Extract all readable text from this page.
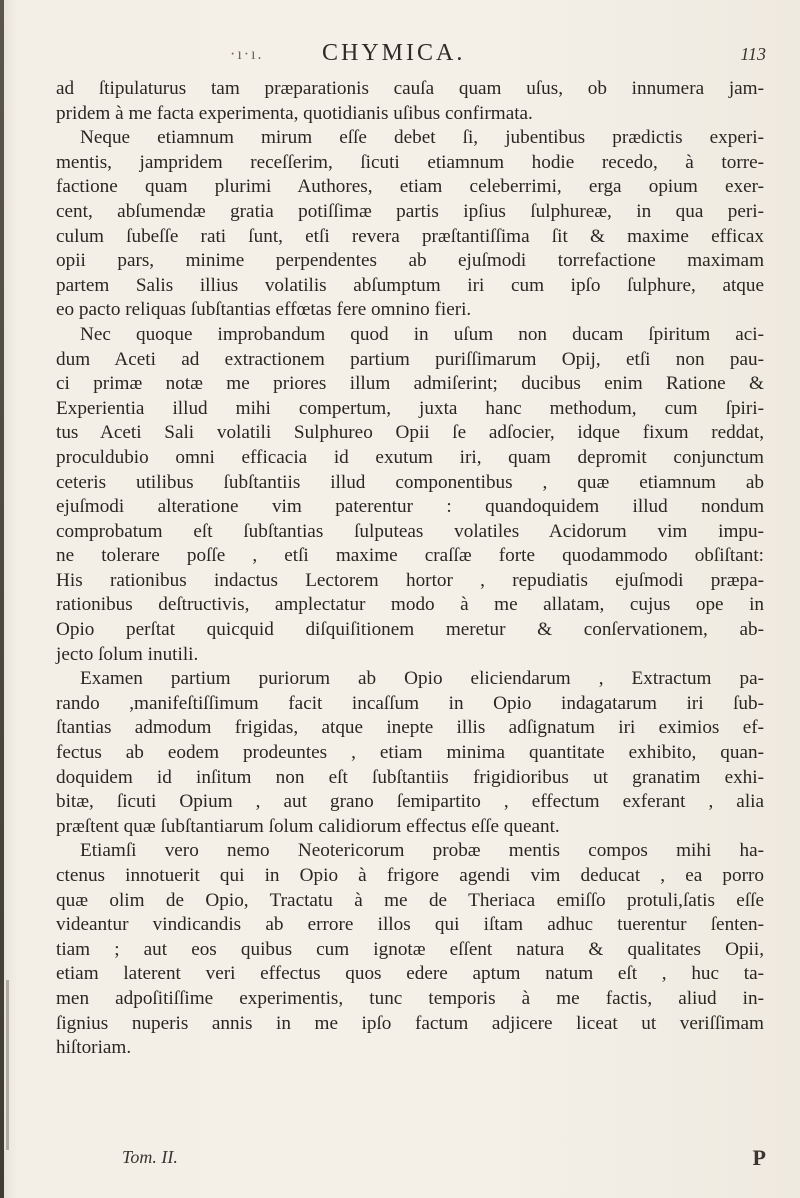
·ı·ı. CHYMICA.	113
ad ſtipulaturus tam præparationis cauſa quam uſus, ob innumera jam-
pridem à me facta experimenta, quotidianis uſibus confirmata.
Neque etiamnum mirum eſſe debet ſi, jubentibus prædictis experi-
mentis, jampridem receſſerim, ſicuti etiamnum hodie recedo, à torre-
factione quam plurimi Authores, etiam celeberrimi, erga opium exer-
cent, abſumendæ gratia potiſſimæ partis ipſius ſulphureæ, in qua peri-
culum ſubeſſe rati ſunt, etſi revera præſtantiſſima ſit & maxime efficax
opii pars, minime perpendentes ab ejuſmodi torrefactione maximam
partem Salis illius volatilis abſumptum iri cum ipſo ſulphure, atque
eo pacto reliquas ſubſtantias effœtas fere omnino fieri.
Nec quoque improbandum quod in uſum non ducam ſpiritum aci-
dum Aceti ad extractionem partium puriſſimarum Opij, etſi non pau-
ci primæ notæ me priores illum admiſerint; ducibus enim Ratione &
Experientia illud mihi compertum, juxta hanc methodum, cum ſpiri-
tus Aceti Sali volatili Sulphureo Opii ſe adſocier, idque fixum reddat,
proculdubio omni efficacia id exutum iri, quam depromit conjunctum
ceteris utilibus ſubſtantiis illud componentibus , quæ etiamnum ab
ejuſmodi alteratione vim paterentur : quandoquidem illud nondum
comprobatum eſt ſubſtantias ſulputeas volatiles Acidorum vim impu-
ne tolerare poſſe , etſi maxime craſſæ forte quodammodo obſiſtant:
His rationibus indactus Lectorem hortor , repudiatis ejuſmodi præpa-
rationibus deſtructivis, amplectatur modo à me allatam, cujus ope in
Opio perſtat quicquid diſquiſitionem meretur & conſervationem, ab-
jecto ſolum inutili.
Examen partium puriorum ab Opio eliciendarum , Extractum pa-
rando ,manifeſtiſſimum facit incaſſum in Opio indagatarum iri ſub-
ſtantias admodum frigidas, atque inepte illis adſignatum iri eximios ef-
fectus ab eodem prodeuntes , etiam minima quantitate exhibito, quan-
doquidem id inſitum non eſt ſubſtantiis frigidioribus ut granatim exhi-
bitæ, ſicuti Opium , aut grano ſemipartito , effectum exferant , alia
præſtent quæ ſubſtantiarum ſolum calidiorum effectus eſſe queant.
Etiamſi vero nemo Neotericorum probæ mentis compos mihi ha-
ctenus innotuerit qui in Opio à frigore agendi vim deducat , ea porro
quæ olim de Opio, Tractatu à me de Theriaca emiſſo protuli,ſatis eſſe
videantur vindicandis ab errore illos qui iſtam adhuc tuerentur ſenten-
tiam ; aut eos quibus cum ignotæ eſſent natura & qualitates Opii,
etiam laterent veri effectus quos edere aptum natum eſt , huc ta-
men adpoſitiſſime experimentis, tunc temporis à me factis, aliud in-
ſignius nuperis annis in me ipſo factum adjicere liceat ut veriſſimam
hiſtoriam.
Tom. II.	P
